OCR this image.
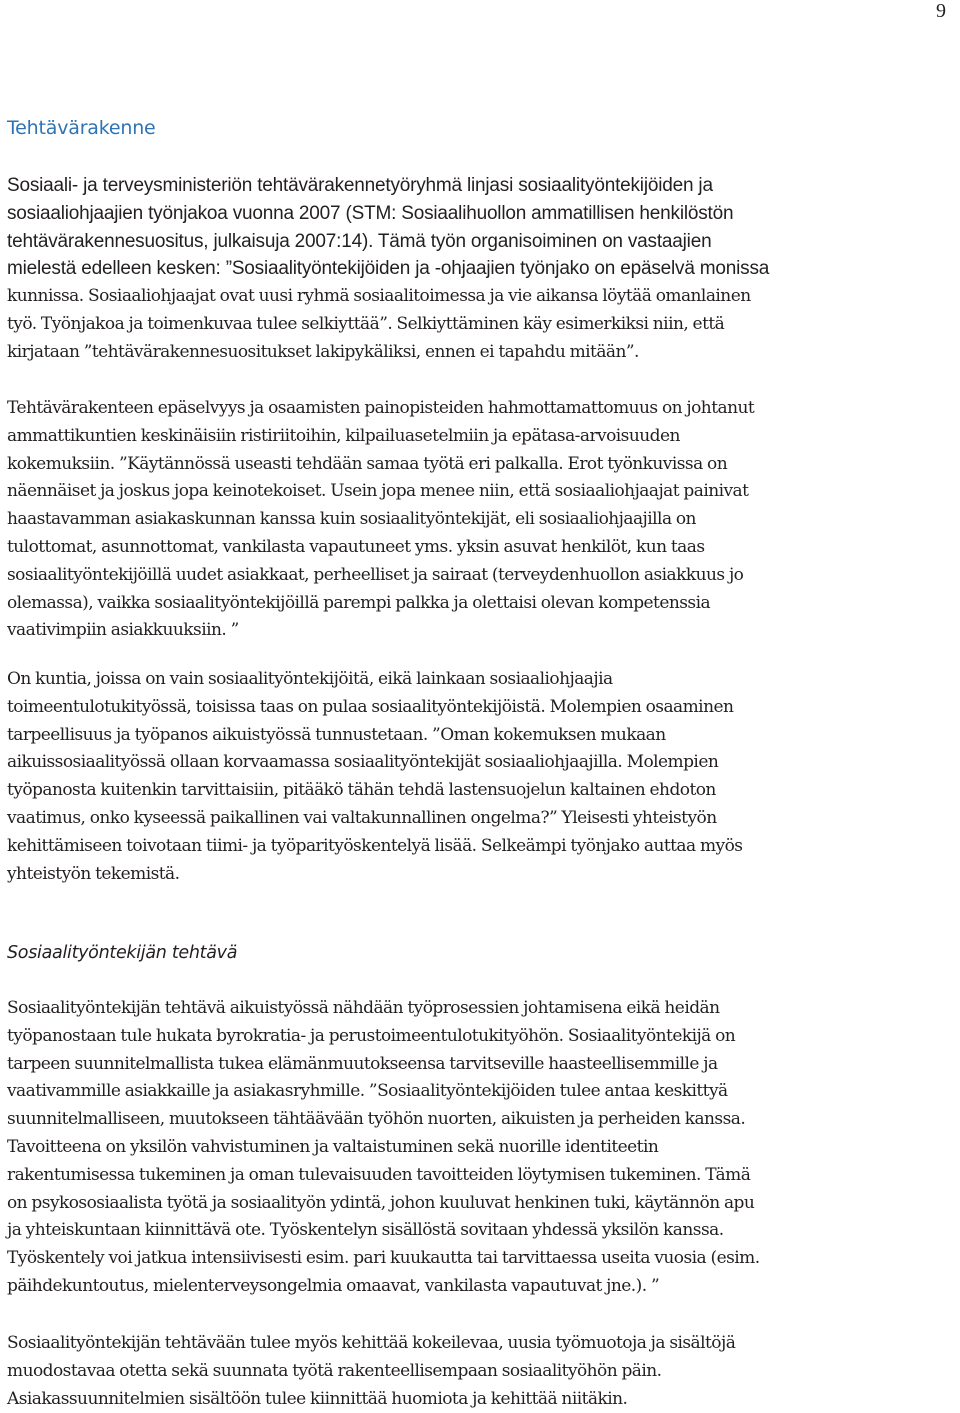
9
Tehtävärakenne

Sosiaali- ja terveysministeriön tehtävärakennetyöryhmä linjasi sosiaalityöntekijöiden ja
sosiaaliohjaajien työnjakoa vuonna 2007 (STM: Sosiaalihuollon ammatillisen henkilöstön
tehtävärakennesuositus, julkaisuja 2007:14). Tämä työn organisoiminen on vastaajien
mielestä edelleen kesken: ”Sosiaalityöntekijöiden ja -ohjaajien työnjako on epäselvä monissa
kunnissa. Sosiaaliohjaajat ovat uusi ryhmä sosiaalitoimessa ja vie aikansa löytää omanlainen
työ. Työnjakoa ja toimenkuvaa tulee selkiyttää”. Selkiyttäminen käy esimerkiksi niin, että
kirjataan ”tehtävärakennesuositukset lakipykäliksi, ennen ei tapahdu mitään”.

Tehtävärakenteen epäselvyys ja osaamisten painopisteiden hahmottamattomuus on johtanut
ammattikuntien keskinäisiin ristiriitoihin, kilpailuasetelmiin ja epätasa-arvoisuuden
kokemuksiin. ”Käytännössä useasti tehdään samaa työtä eri palkalla. Erot työnkuvissa on
näennäiset ja joskus jopa keinotekoiset. Usein jopa menee niin, että sosiaaliohjaajat painivat
haastavamman asiakaskunnan kanssa kuin sosiaalityöntekijät, eli sosiaaliohjaajilla on
tulottomat, asunnottomat, vankilasta vapautuneet yms. yksin asuvat henkilöt, kun taas
sosiaalityöntekijöillä uudet asiakkaat, perheelliset ja sairaat (terveydenhuollon asiakkuus jo
olemassa), vaikka sosiaalityöntekijöillä parempi palkka ja olettaisi olevan kompetenssia
vaativimpiin asiakkuuksiin. ”

On kuntia, joissa on vain sosiaalityöntekijöitä, eikä lainkaan sosiaaliohjaajia
toimeentulotukityössä, toisissa taas on pulaa sosiaalityöntekijöistä. Molempien osaaminen
tarpeellisuus ja työpanos aikuistyössä tunnustetaan. ”Oman kokemuksen mukaan
aikuissosiaalityössä ollaan korvaamassa sosiaalityöntekijät sosiaaliohjaajilla. Molempien
työpanosta kuitenkin tarvittaisiin, pitääkö tähän tehdä lastensuojelun kaltainen ehdoton
vaatimus, onko kyseessä paikallinen vai valtakunnallinen ongelma?” Yleisesti yhteistyön
kehittämiseen toivotaan tiimi- ja työparityöskentelyä lisää. Selkeämpi työnjako auttaa myös
yhteistyön tekemistä.

Sosiaalityöntekijän tehtävä

Sosiaalityöntekijän tehtävä aikuistyössä nähdään työprosessien johtamisena eikä heidän
työpanostaan tule hukata byrokratia- ja perustoimeentulotukityöhön. Sosiaalityöntekijä on
tarpeen suunnitelmallista tukea elämänmuutokseensa tarvitseville haasteellisemmille ja
vaativammille asiakkaille ja asiakasryhmille. ”Sosiaalityöntekijöiden tulee antaa keskittyä
suunnitelmalliseen, muutokseen tähtäävään työhön nuorten, aikuisten ja perheiden kanssa.
Tavoitteena on yksilön vahvistuminen ja valtaistuminen sekä nuorille identiteetin
rakentumisessa tukeminen ja oman tulevaisuuden tavoitteiden löytymisen tukeminen. Tämä
on psykososiaalista työtä ja sosiaalityön ydintä, johon kuuluvat henkinen tuki, käytännön apu
ja yhteiskuntaan kiinnittävä ote. Työskentelyn sisällöstä sovitaan yhdessä yksilön kanssa.
Työskentely voi jatkua intensiivisesti esim. pari kuukautta tai tarvittaessa useita vuosia (esim.
päihdekuntoutus, mielenterveysongelmia omaavat, vankilasta vapautuvat jne.). ”

Sosiaalityöntekijän tehtävään tulee myös kehittää kokeilevaa, uusia työmuotoja ja sisältöjä
muodostavaa otetta sekä suunnata työtä rakenteellisempaan sosiaalityöhön päin.
Asiakassuunnitelmien sisältöön tulee kiinnittää huomiota ja kehittää niitäkin.
